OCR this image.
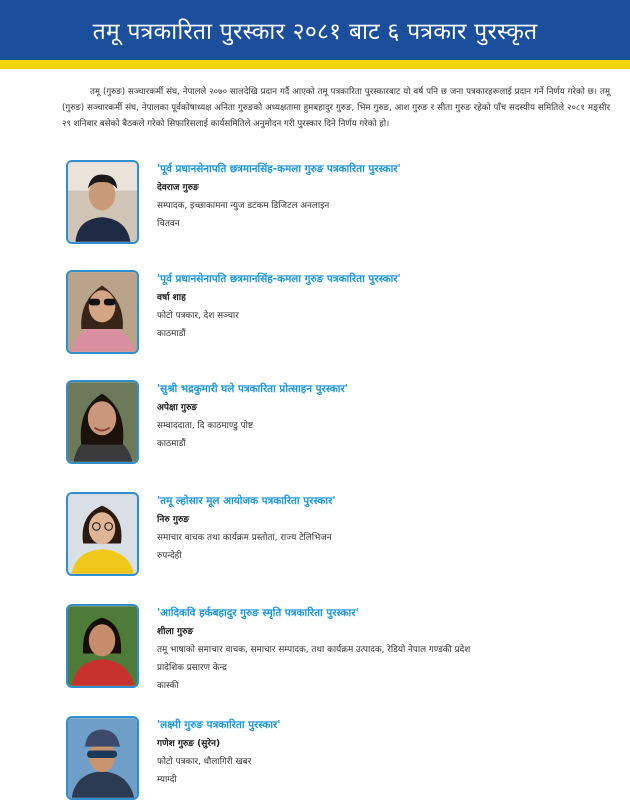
तमू पत्रकारिता पुरस्कार २०८१ बाट ६ पत्रकार पुरस्कृत

तमू (गुरुङ) सञ्चारकर्मी संघ, नेपालले २०७० सालदेखि प्रदान गर्दै आएको तमू पत्रकारिता पुरस्कारबाट यो वर्ष पनि छ जना पत्रकारहरूलाई प्रदान गर्ने निर्णय गरेको छ। तमू (गुरुङ) सञ्चारकर्मी संघ, नेपालका पूर्वकोषाध्यक्ष अनिता गुरुङको अध्यक्षतामा हुमबहादुर गुरुङ, भिम गुरुङ, आश गुरुङ र सीता गुरुङ रहेको पाँच सदस्यीय समितिले २०८१ मङ्सीर २९ शनिबार बसेको बैठकले गरेको सिफारिसलाई कार्यसमितिले अनुमोदन गरी पुरस्कार दिने निर्णय गरेको हो।

'पूर्व प्रधानसेनापति छत्रमानसिंह-कमला गुरुङ पत्रकारिता पुरस्कार'

देवराज गुरुङ

सम्पादक, इच्छाकामना न्युज डटकम डिजिटल अनलाइन

चितवन

'पूर्व प्रधानसेनापति छत्रमानसिंह-कमला गुरुङ पत्रकारिता पुरस्कार'

वर्षा शाह

फोटो पत्रकार, देश सञ्चार

काठमाडौं

'सुश्री भद्रकुमारी घले पत्रकारिता प्रोत्साहन पुरस्कार'

अपेक्षा गुरुङ

सम्वाददाता, दि काठमाण्डु पोष्ट

काठमाडौं

'तमू ल्होसार मूल आयोजक पत्रकारिता पुरस्कार'

निरु गुरुङ

समाचार वाचक तथा कार्यक्रम प्रस्तोता, राज्य टेलिभिजन

रुपन्देही

'आदिकवि हर्कबहादुर गुरुङ स्मृति पत्रकारिता पुरस्कार'

शीला गुरुङ

तमू भाषाको समाचार वाचक, समाचार सम्पादक, तथा कार्यक्रम उत्पादक, रेडियो नेपाल गण्डकी प्रदेश

प्रादेशिक प्रसारण केन्द्र

कास्की

'लक्ष्मी गुरुङ पत्रकारिता पुरस्कार'

गणेश गुरुङ (सुरेन)

फोटो पत्रकार, धौलागिरी खबर

म्याग्दी
